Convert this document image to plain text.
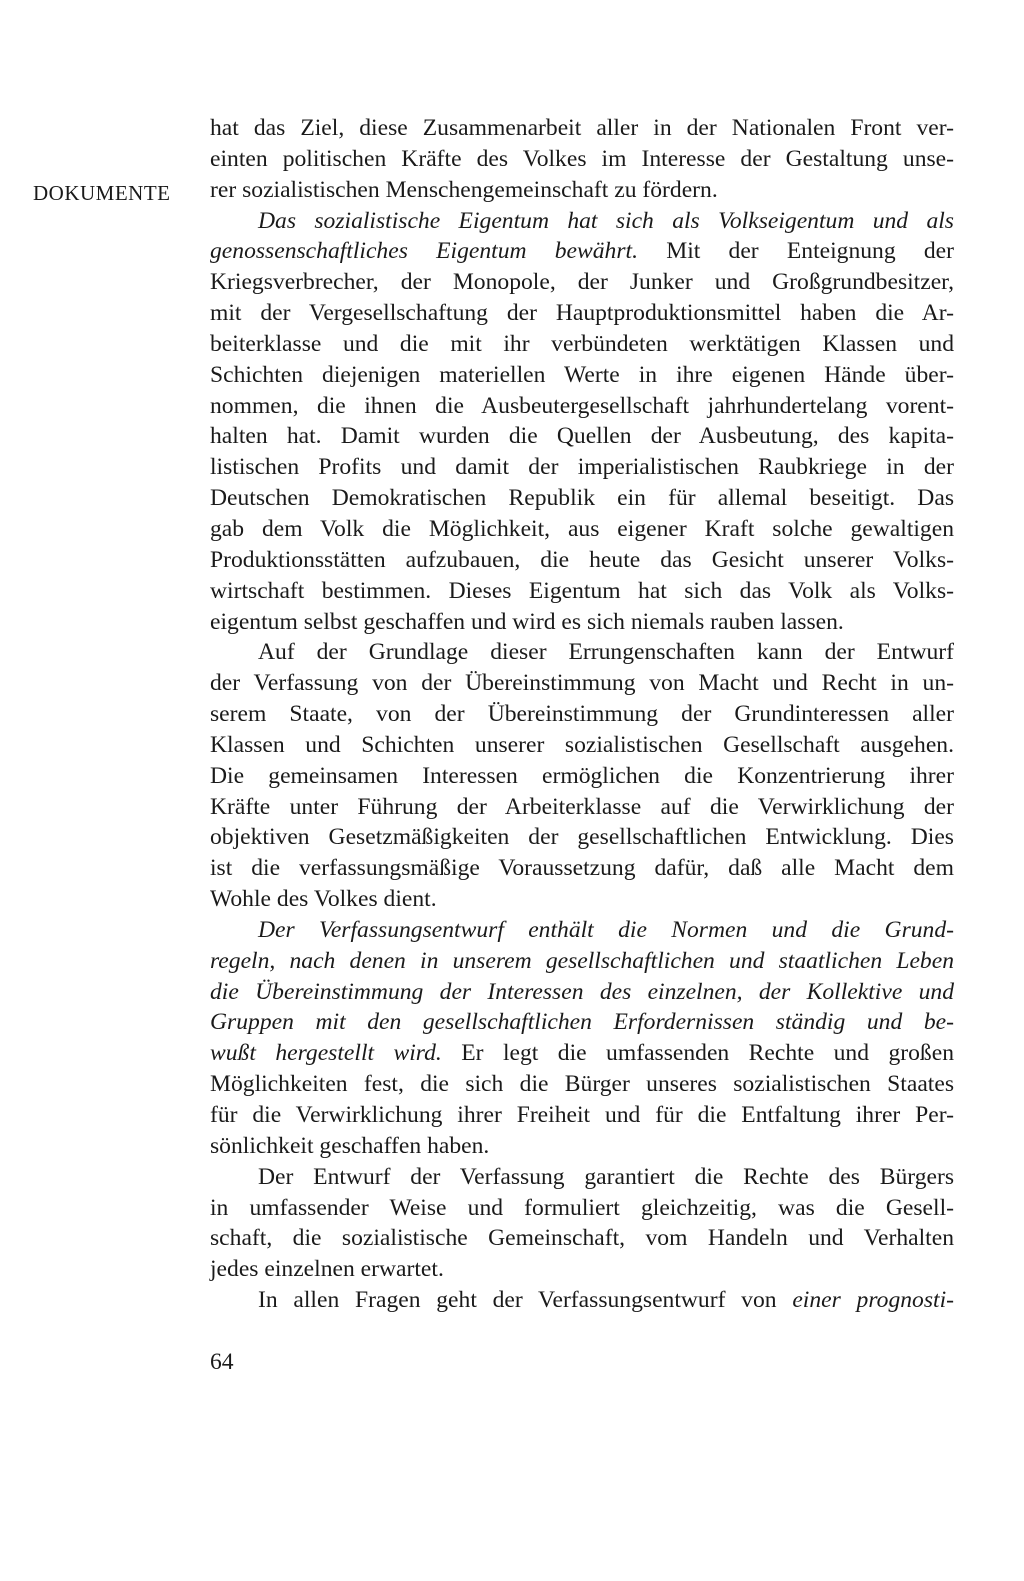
DOKUMENTE
hat das Ziel, diese Zusammenarbeit aller in der Nationalen Front ver-
einten politischen Kräfte des Volkes im Interesse der Gestaltung unse-
rer sozialistischen Menschengemeinschaft zu fördern.
Das sozialistische Eigentum hat sich als Volkseigentum und als
genossenschaftliches Eigentum bewährt. Mit der Enteignung der
Kriegsverbrecher, der Monopole, der Junker und Großgrundbesitzer,
mit der Vergesellschaftung der Hauptproduktionsmittel haben die Ar-
beiterklasse und die mit ihr verbündeten werktätigen Klassen und
Schichten diejenigen materiellen Werte in ihre eigenen Hände über-
nommen, die ihnen die Ausbeutergesellschaft jahrhundertelang vorent-
halten hat. Damit wurden die Quellen der Ausbeutung, des kapita-
listischen Profits und damit der imperialistischen Raubkriege in der
Deutschen Demokratischen Republik ein für allemal beseitigt. Das
gab dem Volk die Möglichkeit, aus eigener Kraft solche gewaltigen
Produktionsstätten aufzubauen, die heute das Gesicht unserer Volks-
wirtschaft bestimmen. Dieses Eigentum hat sich das Volk als Volks-
eigentum selbst geschaffen und wird es sich niemals rauben lassen.
Auf der Grundlage dieser Errungenschaften kann der Entwurf
der Verfassung von der Übereinstimmung von Macht und Recht in un-
serem Staate, von der Übereinstimmung der Grundinteressen aller
Klassen und Schichten unserer sozialistischen Gesellschaft ausgehen.
Die gemeinsamen Interessen ermöglichen die Konzentrierung ihrer
Kräfte unter Führung der Arbeiterklasse auf die Verwirklichung der
objektiven Gesetzmäßigkeiten der gesellschaftlichen Entwicklung. Dies
ist die verfassungsmäßige Voraussetzung dafür, daß alle Macht dem
Wohle des Volkes dient.
Der Verfassungsentwurf enthält die Normen und die Grund-
regeln, nach denen in unserem gesellschaftlichen und staatlichen Leben
die Übereinstimmung der Interessen des einzelnen, der Kollektive und
Gruppen mit den gesellschaftlichen Erfordernissen ständig und be-
wußt hergestellt wird. Er legt die umfassenden Rechte und großen
Möglichkeiten fest, die sich die Bürger unseres sozialistischen Staates
für die Verwirklichung ihrer Freiheit und für die Entfaltung ihrer Per-
sönlichkeit geschaffen haben.
Der Entwurf der Verfassung garantiert die Rechte des Bürgers
in umfassender Weise und formuliert gleichzeitig, was die Gesell-
schaft, die sozialistische Gemeinschaft, vom Handeln und Verhalten
jedes einzelnen erwartet.
In allen Fragen geht der Verfassungsentwurf von einer prognosti-
64
